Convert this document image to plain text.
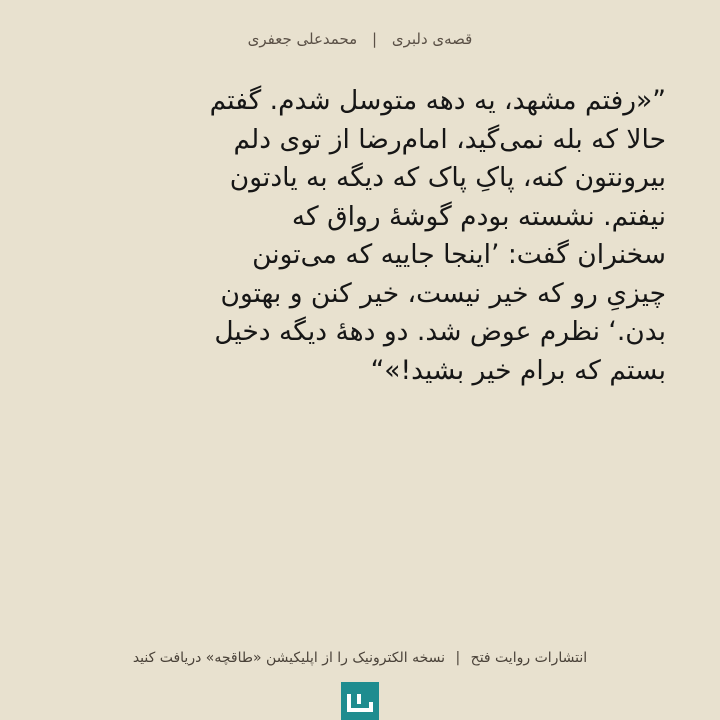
قصه‌ی دلبری | محمدعلی جعفری
”«رفتم مشهد، یه دهه متوسل شدم. گفتم
حالا که بله نمی‌گید، امام‌رضا از توی دلم
بیرونتون کنه، پاکِ پاک که دیگه به یادتون
نیفتم. نشسته بودم گوشهٔ رواق که
سخنران گفت: ’اینجا جاییه که می‌تونن
چیزیِ رو که خیر نیست، خیر کنن و بهتون
بدن.‘ نظرم عوض شد. دو دههٔ دیگه دخیل
بستم که برام خیر بشید!»“
انتشارات روایت فتح | نسخه الکترونیک را از اپلیکیشن «طاقچه» دریافت کنید
